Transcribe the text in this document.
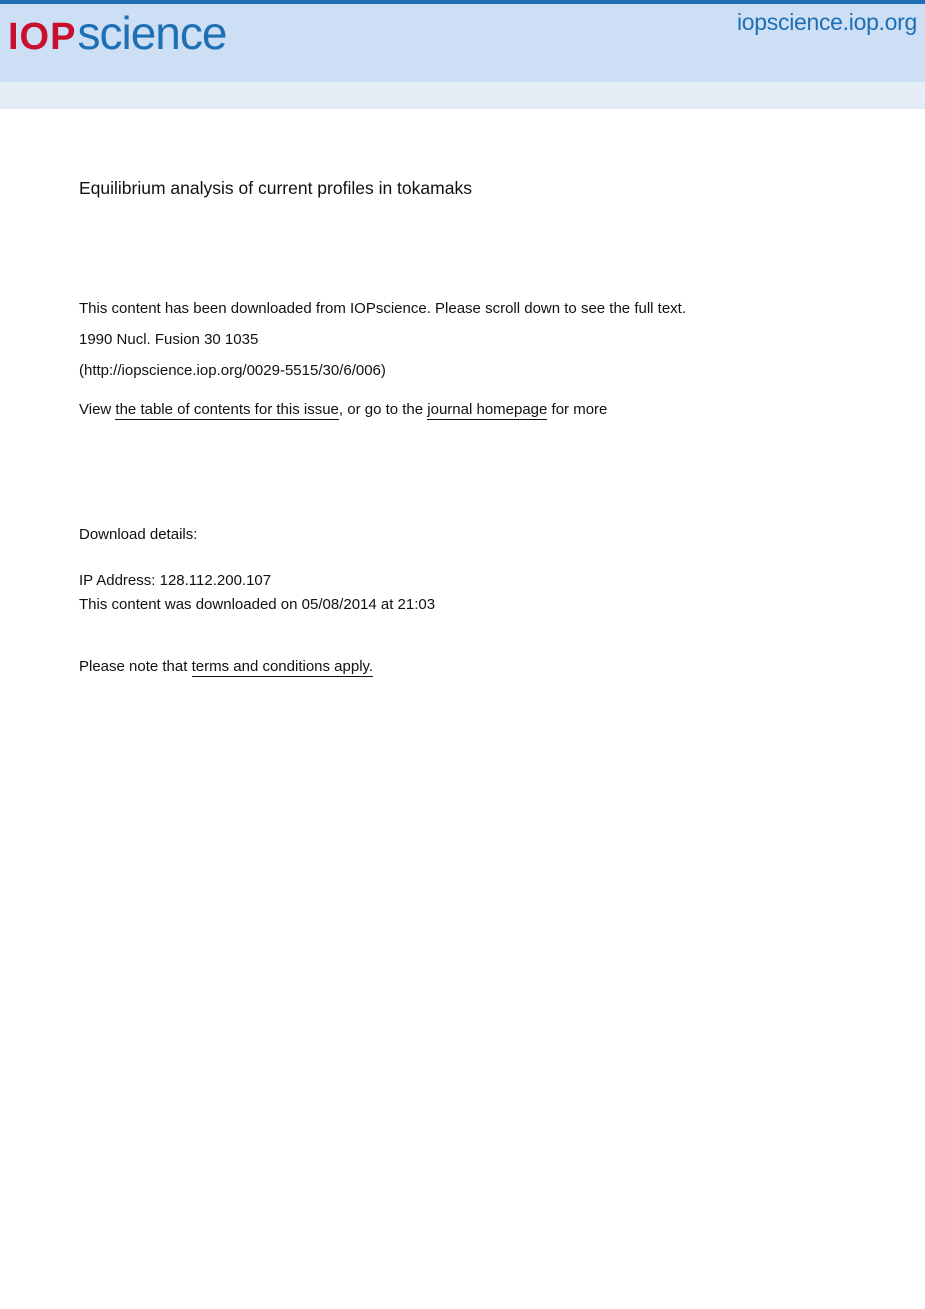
IOPscience	iopscience.iop.org
Equilibrium analysis of current profiles in tokamaks
This content has been downloaded from IOPscience. Please scroll down to see the full text.
1990 Nucl. Fusion 30 1035
(http://iopscience.iop.org/0029-5515/30/6/006)
View the table of contents for this issue, or go to the journal homepage for more
Download details:
IP Address: 128.112.200.107
This content was downloaded on 05/08/2014 at 21:03
Please note that terms and conditions apply.
